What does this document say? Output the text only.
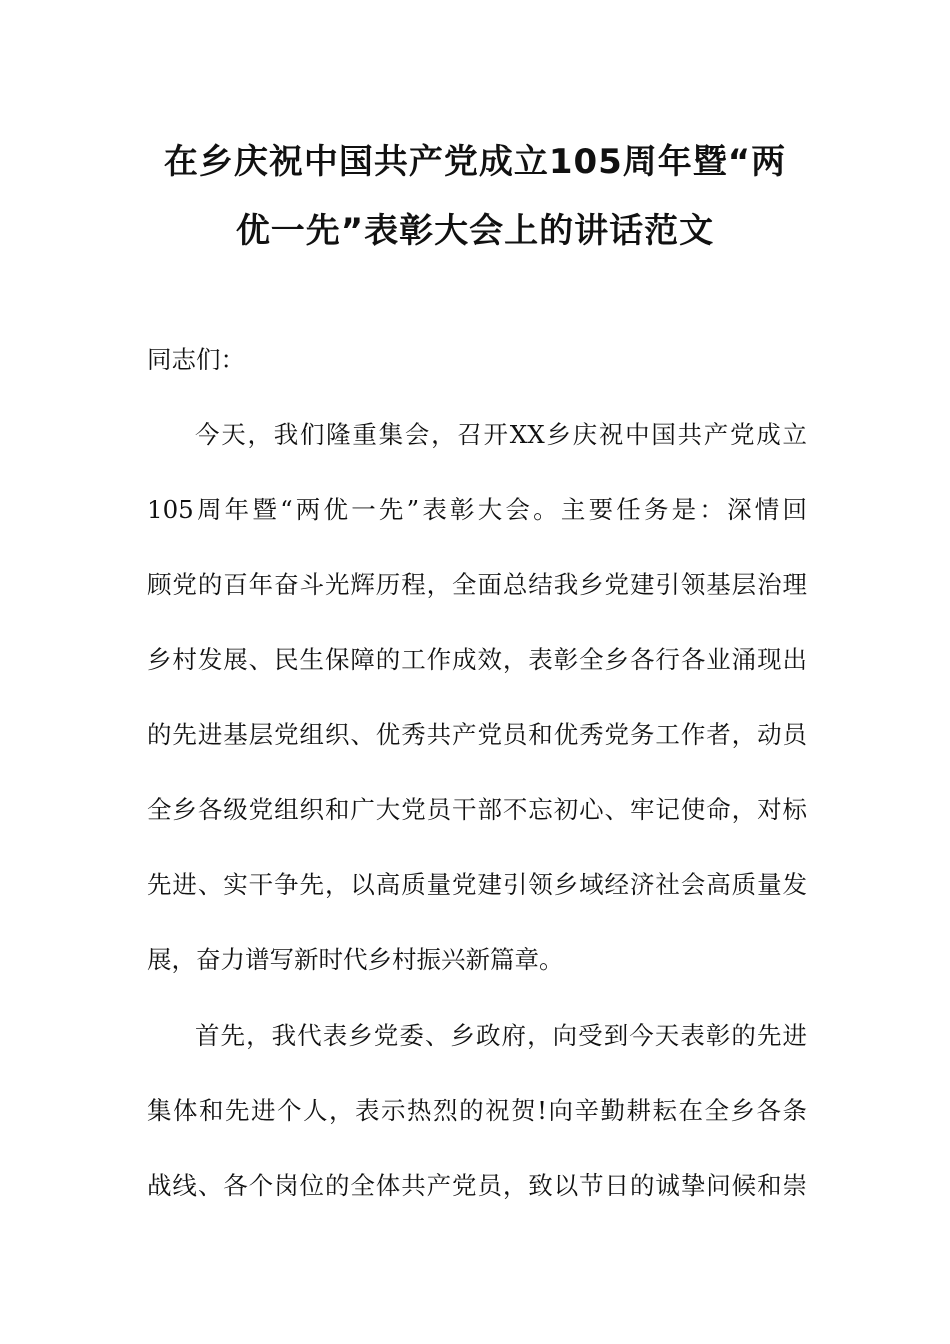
在乡庆祝中国共产党成立105周年暨“两
优一先”表彰大会上的讲话范文
同志们：
今天，我们隆重集会，召开XX乡庆祝中国共产党成立
105周年暨“两优一先”表彰大会。主要任务是：深情回
顾党的百年奋斗光辉历程，全面总结我乡党建引领基层治理
乡村发展、民生保障的工作成效，表彰全乡各行各业涌现出
的先进基层党组织、优秀共产党员和优秀党务工作者，动员
全乡各级党组织和广大党员干部不忘初心、牢记使命，对标
先进、实干争先，以高质量党建引领乡域经济社会高质量发
展，奋力谱写新时代乡村振兴新篇章。
首先，我代表乡党委、乡政府，向受到今天表彰的先进
集体和先进个人，表示热烈的祝贺!向辛勤耕耘在全乡各条
战线、各个岗位的全体共产党员，致以节日的诚挚问候和崇
